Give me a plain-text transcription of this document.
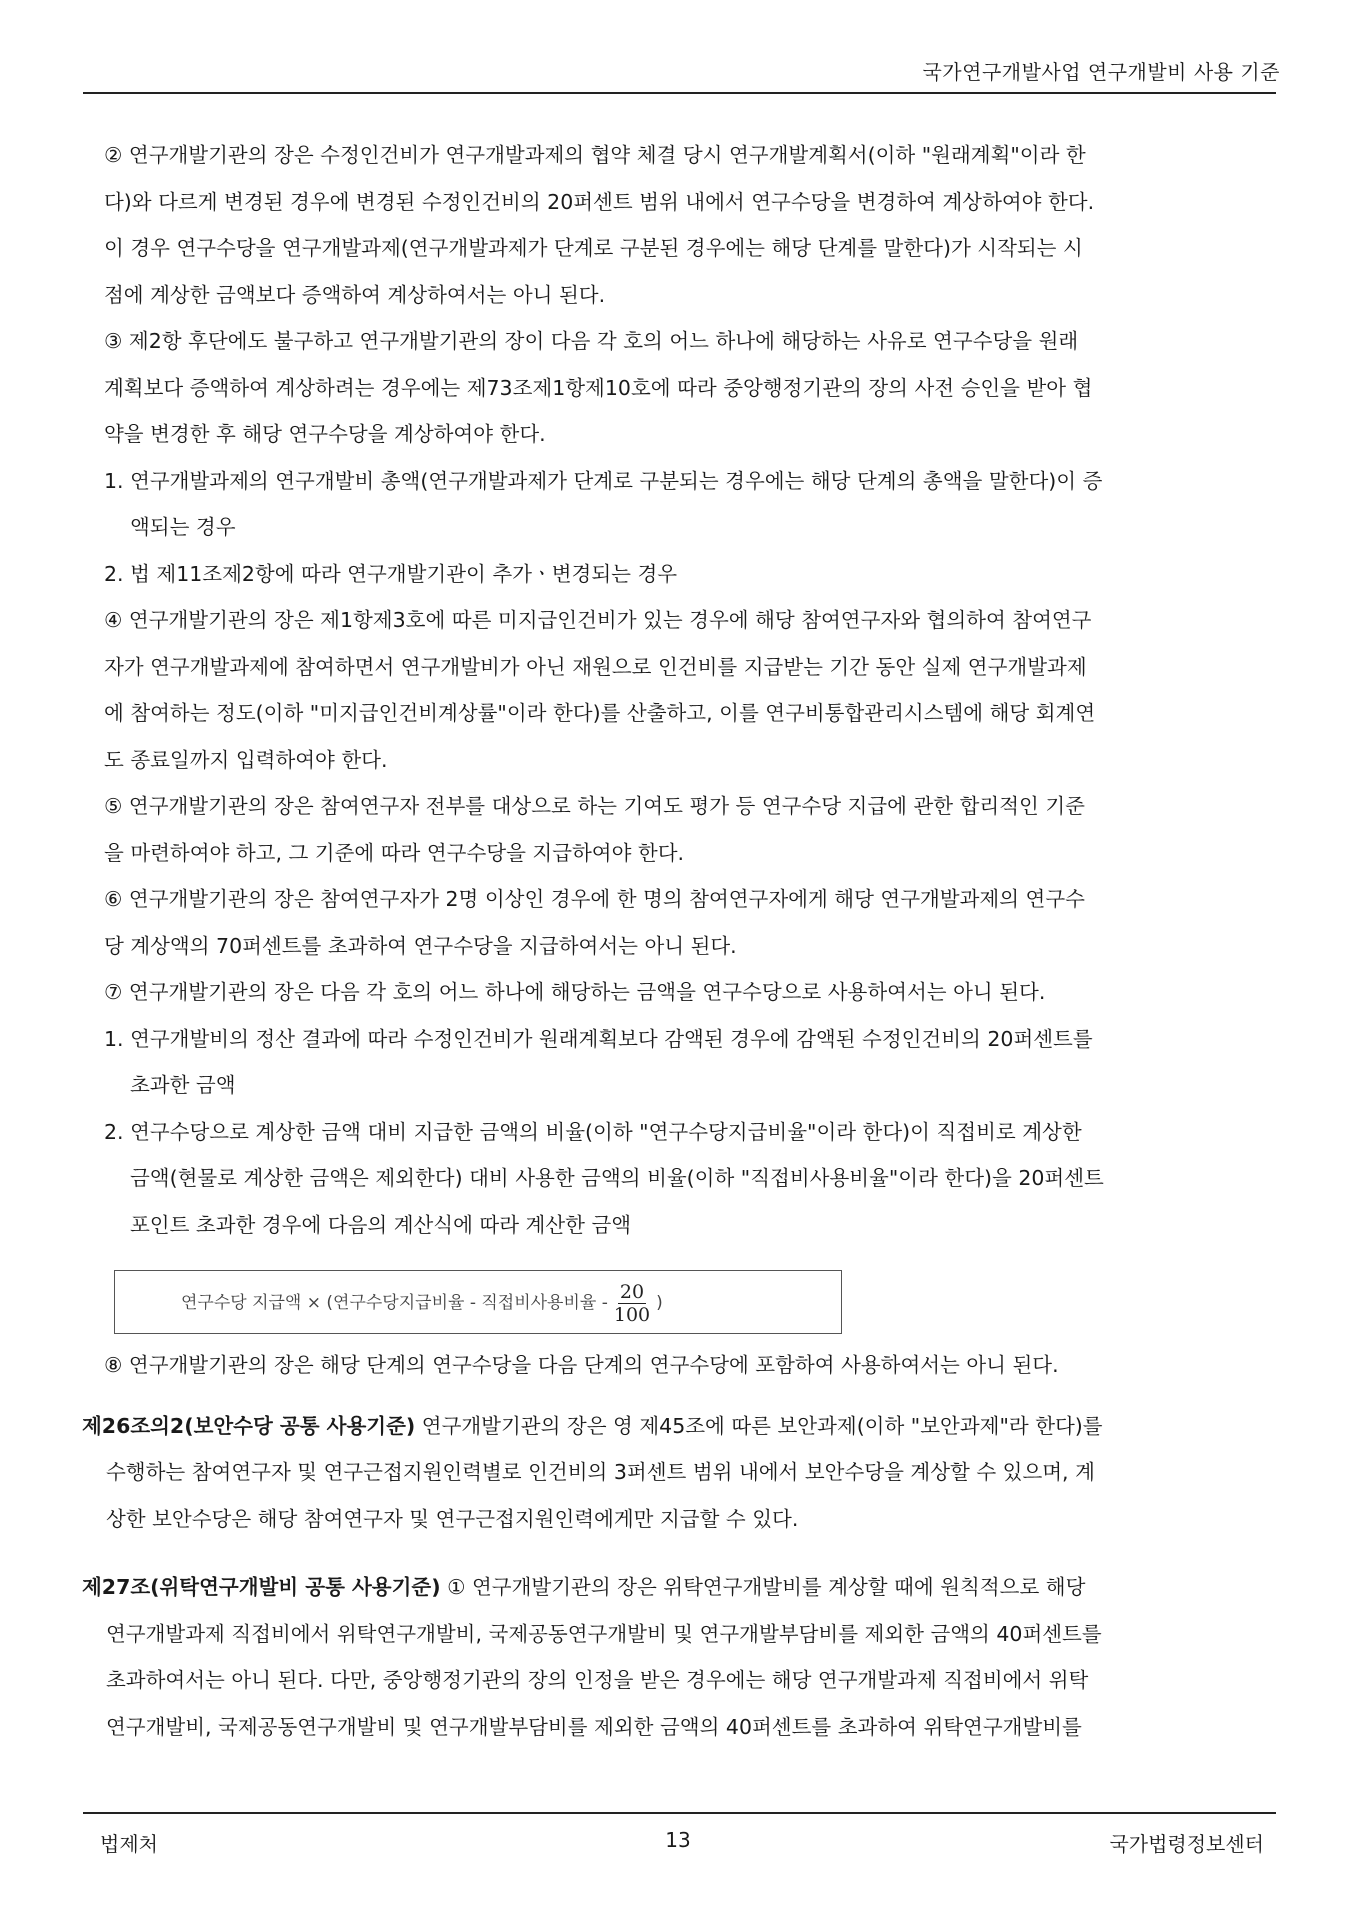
국가연구개발사업 연구개발비 사용 기준

② 연구개발기관의 장은 수정인건비가 연구개발과제의 협약 체결 당시 연구개발계획서(이하 "원래계획"이라 한
다)와 다르게 변경된 경우에 변경된 수정인건비의 20퍼센트 범위 내에서 연구수당을 변경하여 계상하여야 한다.
이 경우 연구수당을 연구개발과제(연구개발과제가 단계로 구분된 경우에는 해당 단계를 말한다)가 시작되는 시
점에 계상한 금액보다 증액하여 계상하여서는 아니 된다.

③ 제2항 후단에도 불구하고 연구개발기관의 장이 다음 각 호의 어느 하나에 해당하는 사유로 연구수당을 원래
계획보다 증액하여 계상하려는 경우에는 제73조제1항제10호에 따라 중앙행정기관의 장의 사전 승인을 받아 협
약을 변경한 후 해당 연구수당을 계상하여야 한다.

1. 연구개발과제의 연구개발비 총액(연구개발과제가 단계로 구분되는 경우에는 해당 단계의 총액을 말한다)이 증
액되는 경우

2. 법 제11조제2항에 따라 연구개발기관이 추가ㆍ변경되는 경우

④ 연구개발기관의 장은 제1항제3호에 따른 미지급인건비가 있는 경우에 해당 참여연구자와 협의하여 참여연구
자가 연구개발과제에 참여하면서 연구개발비가 아닌 재원으로 인건비를 지급받는 기간 동안 실제 연구개발과제
에 참여하는 정도(이하 "미지급인건비계상률"이라 한다)를 산출하고, 이를 연구비통합관리시스템에 해당 회계연
도 종료일까지 입력하여야 한다.

⑤ 연구개발기관의 장은 참여연구자 전부를 대상으로 하는 기여도 평가 등 연구수당 지급에 관한 합리적인 기준
을 마련하여야 하고, 그 기준에 따라 연구수당을 지급하여야 한다.

⑥ 연구개발기관의 장은 참여연구자가 2명 이상인 경우에 한 명의 참여연구자에게 해당 연구개발과제의 연구수
당 계상액의 70퍼센트를 초과하여 연구수당을 지급하여서는 아니 된다.

⑦ 연구개발기관의 장은 다음 각 호의 어느 하나에 해당하는 금액을 연구수당으로 사용하여서는 아니 된다.

1. 연구개발비의 정산 결과에 따라 수정인건비가 원래계획보다 감액된 경우에 감액된 수정인건비의 20퍼센트를
초과한 금액

2. 연구수당으로 계상한 금액 대비 지급한 금액의 비율(이하 "연구수당지급비율"이라 한다)이 직접비로 계상한
금액(현물로 계상한 금액은 제외한다) 대비 사용한 금액의 비율(이하 "직접비사용비율"이라 한다)을 20퍼센트
포인트 초과한 경우에 다음의 계산식에 따라 계산한 금액

연구수당 지급액 × (연구수당지급비율 - 직접비사용비율 - $\frac{20}{100}$ )

⑧ 연구개발기관의 장은 해당 단계의 연구수당을 다음 단계의 연구수당에 포함하여 사용하여서는 아니 된다.

제26조의2(보안수당 공통 사용기준) 연구개발기관의 장은 영 제45조에 따른 보안과제(이하 "보안과제"라 한다)를
수행하는 참여연구자 및 연구근접지원인력별로 인건비의 3퍼센트 범위 내에서 보안수당을 계상할 수 있으며, 계
상한 보안수당은 해당 참여연구자 및 연구근접지원인력에게만 지급할 수 있다.

제27조(위탁연구개발비 공통 사용기준) ① 연구개발기관의 장은 위탁연구개발비를 계상할 때에 원칙적으로 해당
연구개발과제 직접비에서 위탁연구개발비, 국제공동연구개발비 및 연구개발부담비를 제외한 금액의 40퍼센트를
초과하여서는 아니 된다. 다만, 중앙행정기관의 장의 인정을 받은 경우에는 해당 연구개발과제 직접비에서 위탁
연구개발비, 국제공동연구개발비 및 연구개발부담비를 제외한 금액의 40퍼센트를 초과하여 위탁연구개발비를

법제처	13	국가법령정보센터
